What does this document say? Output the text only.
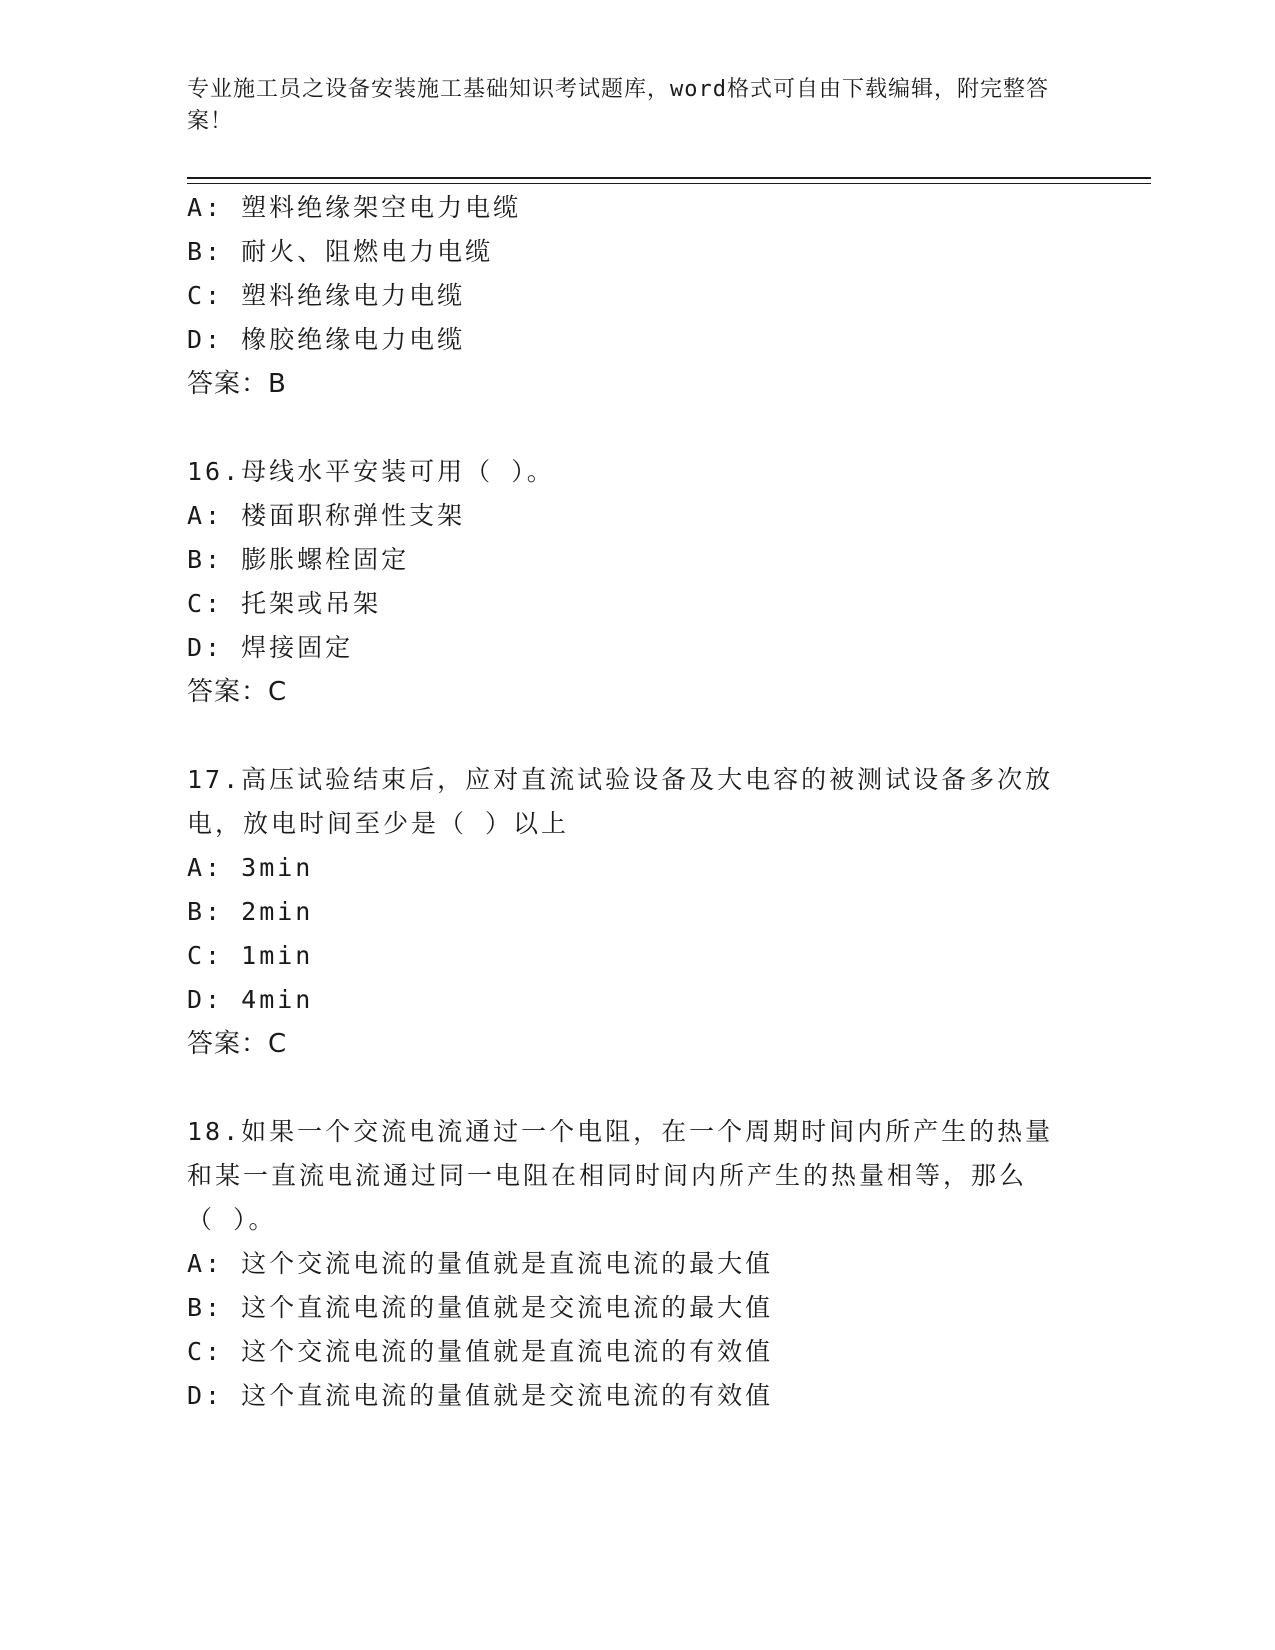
专业施工员之设备安装施工基础知识考试题库，word格式可自由下载编辑，附完整答案！
A: 塑料绝缘架空电力电缆
B: 耐火、阻燃电力电缆
C: 塑料绝缘电力电缆
D: 橡胶绝缘电力电缆
答案：B
16.母线水平安装可用（ ）。
A: 楼面职称弹性支架
B: 膨胀螺栓固定
C: 托架或吊架
D: 焊接固定
答案：C
17.高压试验结束后，应对直流试验设备及大电容的被测试设备多次放
电，放电时间至少是（ ）以上
A: 3min
B: 2min
C: 1min
D: 4min
答案：C
18.如果一个交流电流通过一个电阻，在一个周期时间内所产生的热量
和某一直流电流通过同一电阻在相同时间内所产生的热量相等，那么
（ ）。
A: 这个交流电流的量值就是直流电流的最大值
B: 这个直流电流的量值就是交流电流的最大值
C: 这个交流电流的量值就是直流电流的有效值
D: 这个直流电流的量值就是交流电流的有效值
